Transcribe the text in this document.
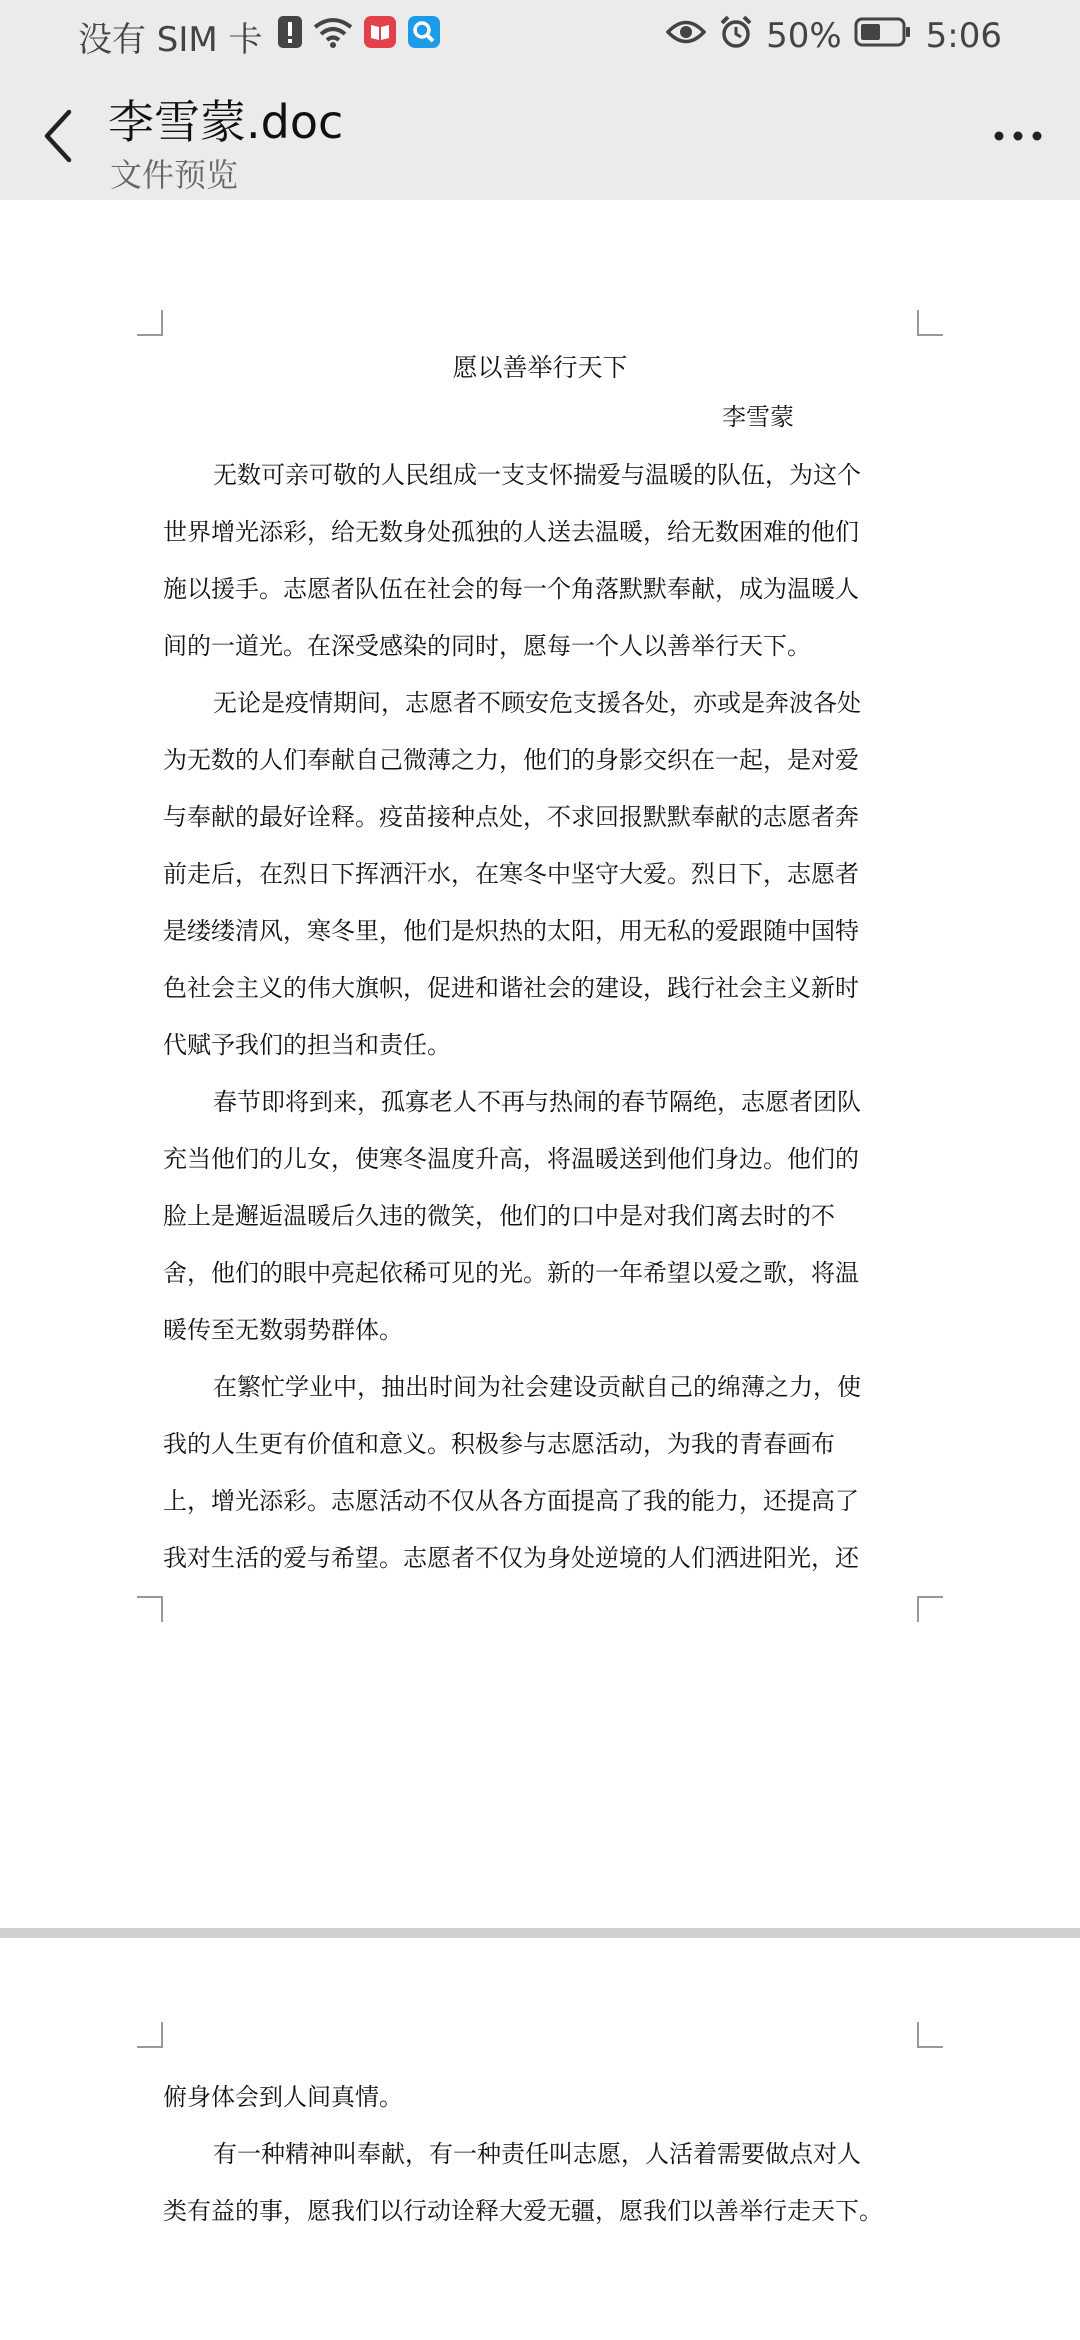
没有 SIM 卡	50% 5:06
李雪蒙.doc
文件预览
愿以善举行天下
李雪蒙
无数可亲可敬的人民组成一支支怀揣爱与温暖的队伍，为这个
世界增光添彩，给无数身处孤独的人送去温暖，给无数困难的他们
施以援手。志愿者队伍在社会的每一个角落默默奉献，成为温暖人
间的一道光。在深受感染的同时，愿每一个人以善举行天下。
无论是疫情期间，志愿者不顾安危支援各处，亦或是奔波各处
为无数的人们奉献自己微薄之力，他们的身影交织在一起，是对爱
与奉献的最好诠释。疫苗接种点处，不求回报默默奉献的志愿者奔
前走后，在烈日下挥洒汗水，在寒冬中坚守大爱。烈日下，志愿者
是缕缕清风，寒冬里，他们是炽热的太阳，用无私的爱跟随中国特
色社会主义的伟大旗帜，促进和谐社会的建设，践行社会主义新时
代赋予我们的担当和责任。
春节即将到来，孤寡老人不再与热闹的春节隔绝，志愿者团队
充当他们的儿女，使寒冬温度升高，将温暖送到他们身边。他们的
脸上是邂逅温暖后久违的微笑，他们的口中是对我们离去时的不
舍，他们的眼中亮起依稀可见的光。新的一年希望以爱之歌，将温
暖传至无数弱势群体。
在繁忙学业中，抽出时间为社会建设贡献自己的绵薄之力，使
我的人生更有价值和意义。积极参与志愿活动，为我的青春画布
上，增光添彩。志愿活动不仅从各方面提高了我的能力，还提高了
我对生活的爱与希望。志愿者不仅为身处逆境的人们洒进阳光，还
俯身体会到人间真情。
有一种精神叫奉献，有一种责任叫志愿，人活着需要做点对人
类有益的事，愿我们以行动诠释大爱无疆，愿我们以善举行走天下。
